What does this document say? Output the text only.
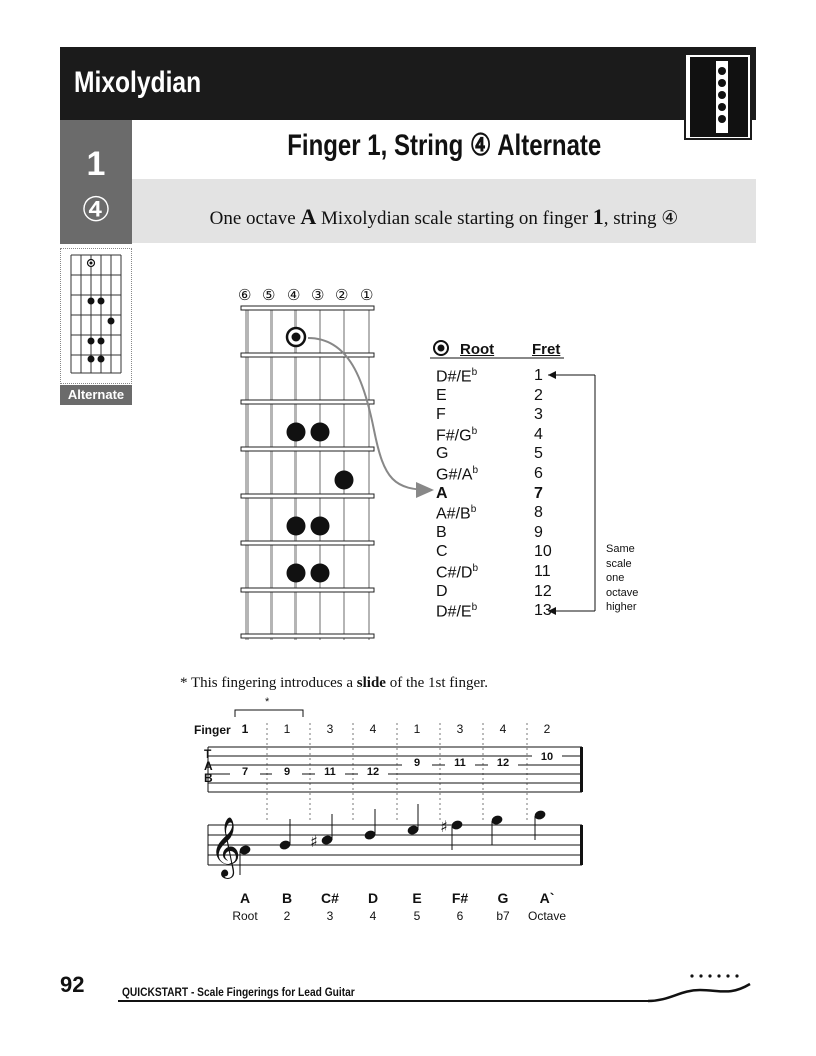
Mixolydian
1
④
Finger 1, String ④ Alternate
One octave A Mixolydian scale starting on finger 1, string ④
Alternate
⑥ ⑤ ④ ③ ② ①
Root	Fret
$D\#/E^b$	1
E	2
F	3
$F\#/G^b$	4
G	5
$G\#/A^b$	6
A	7
$A\#/B^b$	8
B	9
C	10
$C\#/D^b$	11
D	12
$D\#/E^b$	13
Same
scale
one
octave
higher
* This fingering introduces a slide of the 1st finger.
𝄞	♯
♯
Finger
*
T
A
B
1	1	3	4	1	3	4	2
7	9	11	12
9	11	12	10
A	B	C#	D	E	F#	G	A`
Root	2	3	4	5	6	b7	Octave
92	QUICKSTART - Scale Fingerings for Lead Guitar
